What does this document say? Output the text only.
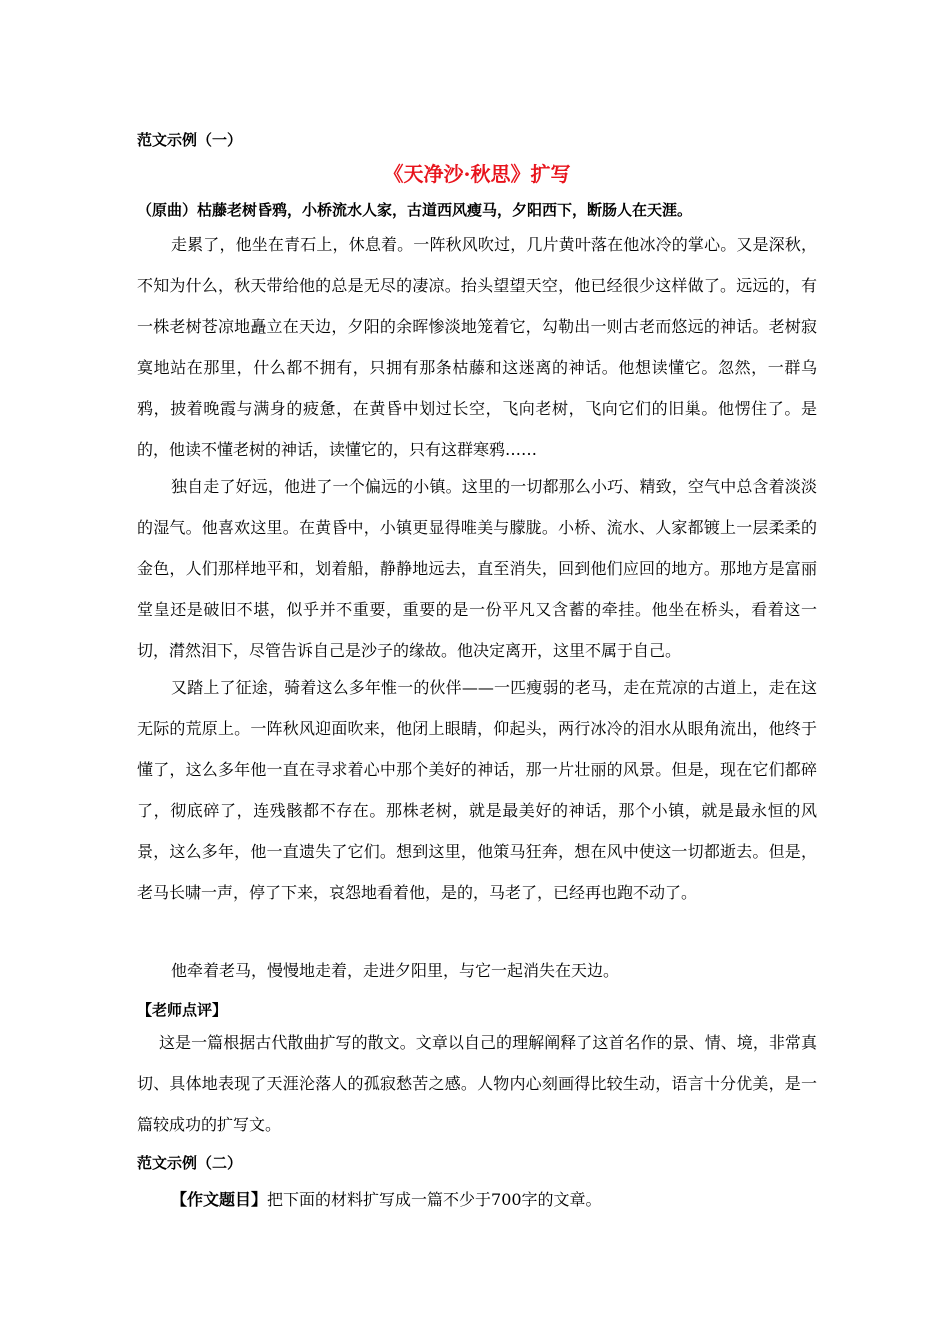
范文示例（一）
《天净沙·秋思》扩写
（原曲）枯藤老树昏鸦，小桥流水人家，古道西风瘦马，夕阳西下，断肠人在天涯。

走累了，他坐在青石上，休息着。一阵秋风吹过，几片黄叶落在他冰冷的掌心。又是深秋，不知为什么，秋天带给他的总是无尽的凄凉。抬头望望天空，他已经很少这样做了。远远的，有一株老树苍凉地矗立在天边，夕阳的余晖惨淡地笼着它，勾勒出一则古老而悠远的神话。老树寂寞地站在那里，什么都不拥有，只拥有那条枯藤和这迷离的神话。他想读懂它。忽然，一群乌鸦，披着晚霞与满身的疲惫，在黄昏中划过长空，飞向老树，飞向它们的旧巢。他愣住了。是的，他读不懂老树的神话，读懂它的，只有这群寒鸦……

独自走了好远，他进了一个偏远的小镇。这里的一切都那么小巧、精致，空气中总含着淡淡的湿气。他喜欢这里。在黄昏中，小镇更显得唯美与朦胧。小桥、流水、人家都镀上一层柔柔的金色，人们那样地平和，划着船，静静地远去，直至消失，回到他们应回的地方。那地方是富丽堂皇还是破旧不堪，似乎并不重要，重要的是一份平凡又含蓄的牵挂。他坐在桥头，看着这一切，潸然泪下，尽管告诉自己是沙子的缘故。他决定离开，这里不属于自己。

又踏上了征途，骑着这么多年惟一的伙伴——一匹瘦弱的老马，走在荒凉的古道上，走在这无际的荒原上。一阵秋风迎面吹来，他闭上眼睛，仰起头，两行冰冷的泪水从眼角流出，他终于懂了，这么多年他一直在寻求着心中那个美好的神话，那一片壮丽的风景。但是，现在它们都碎了，彻底碎了，连残骸都不存在。那株老树，就是最美好的神话，那个小镇，就是最永恒的风景，这么多年，他一直遗失了它们。想到这里，他策马狂奔，想在风中使这一切都逝去。但是，老马长啸一声，停了下来，哀怨地看着他，是的，马老了，已经再也跑不动了。

他牵着老马，慢慢地走着，走进夕阳里，与它一起消失在天边。

【老师点评】

这是一篇根据古代散曲扩写的散文。文章以自己的理解阐释了这首名作的景、情、境，非常真切、具体地表现了天涯沦落人的孤寂愁苦之感。人物内心刻画得比较生动，语言十分优美，是一篇较成功的扩写文。

范文示例（二）
【作文题目】把下面的材料扩写成一篇不少于700字的文章。
